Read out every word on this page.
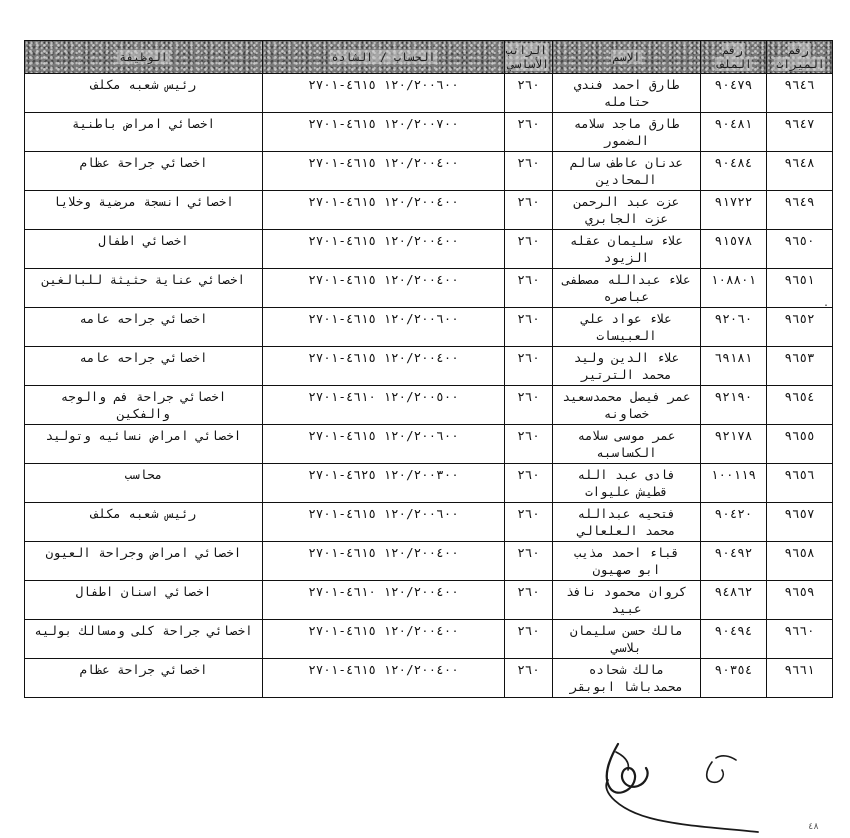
رقم الميراث	رقم الملف	الإسم	الراتب الأساسي	الحساب / الشادة	الوظيفة
٩٦٤٦	٩٠٤٧٩	طارق احمد فندي حتامله	٢٦٠	١٢٠/٢٠٠٦٠٠ ٤٦١٥-٢٧٠١	رئيس شعبه مكلف
٩٦٤٧	٩٠٤٨١	طارق ماجد سلامه الضمور	٢٦٠	١٢٠/٢٠٠٧٠٠ ٤٦١٥-٢٧٠١	اخصائي امراض باطنية
٩٦٤٨	٩٠٤٨٤	عدنان عاطف سالم المحادين	٢٦٠	١٢٠/٢٠٠٤٠٠ ٤٦١٥-٢٧٠١	اخصائي جراحة عظام
٩٦٤٩	٩١٧٢٢	عزت عبد الرحمن عزت الجابري	٢٦٠	١٢٠/٢٠٠٤٠٠ ٤٦١٥-٢٧٠١	اخصائي انسجة مرضية وخلايا
٩٦٥٠	٩١٥٧٨	علاء سليمان عقله الزيود	٢٦٠	١٢٠/٢٠٠٤٠٠ ٤٦١٥-٢٧٠١	اخصائي اطفال
٩٦٥١	١٠٨٨٠١	علاء عبدالله مصطفى عباصره	٢٦٠	١٢٠/٢٠٠٤٠٠ ٤٦١٥-٢٧٠١	اخصائي عناية حثيثة للبالغين
٩٦٥٢	٩٢٠٦٠	علاء عواد علي العبيسات	٢٦٠	١٢٠/٢٠٠٦٠٠ ٤٦١٥-٢٧٠١	اخصائي جراحه عامه
٩٦٥٣	٦٩١٨١	علاء الدين وليد محمد الترتير	٢٦٠	١٢٠/٢٠٠٤٠٠ ٤٦١٥-٢٧٠١	اخصائي جراحه عامه
٩٦٥٤	٩٢١٩٠	عمر فيصل محمدسعيد خصاونه	٢٦٠	١٢٠/٢٠٠٥٠٠ ٤٦١٠-٢٧٠١	اخصائي جراحة فم والوجه والفكين
٩٦٥٥	٩٢١٧٨	عمر موسى سلامه الكساسبه	٢٦٠	١٢٠/٢٠٠٦٠٠ ٤٦١٥-٢٧٠١	اخصائي امراض نسائيه وتوليد
٩٦٥٦	١٠٠١١٩	فادى عبد الله قطيش عليوات	٢٦٠	١٢٠/٢٠٠٣٠٠ ٤٦٢٥-٢٧٠١	محاسب
٩٦٥٧	٩٠٤٢٠	فتحيه عبدالله محمد العلعالي	٢٦٠	١٢٠/٢٠٠٦٠٠ ٤٦١٥-٢٧٠١	رئيس شعبه مكلف
٩٦٥٨	٩٠٤٩٢	قباء احمد مذيب ابو صهيون	٢٦٠	١٢٠/٢٠٠٤٠٠ ٤٦١٥-٢٧٠١	اخصائي امراض وجراحة العيون
٩٦٥٩	٩٤٨٦٢	كروان محمود نافذ عبيد	٢٦٠	١٢٠/٢٠٠٤٠٠ ٤٦١٠-٢٧٠١	اخصائي اسنان اطفال
٩٦٦٠	٩٠٤٩٤	مالك حسن سليمان بلاسي	٢٦٠	١٢٠/٢٠٠٤٠٠ ٤٦١٥-٢٧٠١	اخصائي جراحة كلى ومسالك بوليه
٩٦٦١	٩٠٣٥٤	مالك شحاده محمدباشا ابوبقر	٢٦٠	١٢٠/٢٠٠٤٠٠ ٤٦١٥-٢٧٠١	اخصائي جراحة عظام
.
٤٨
